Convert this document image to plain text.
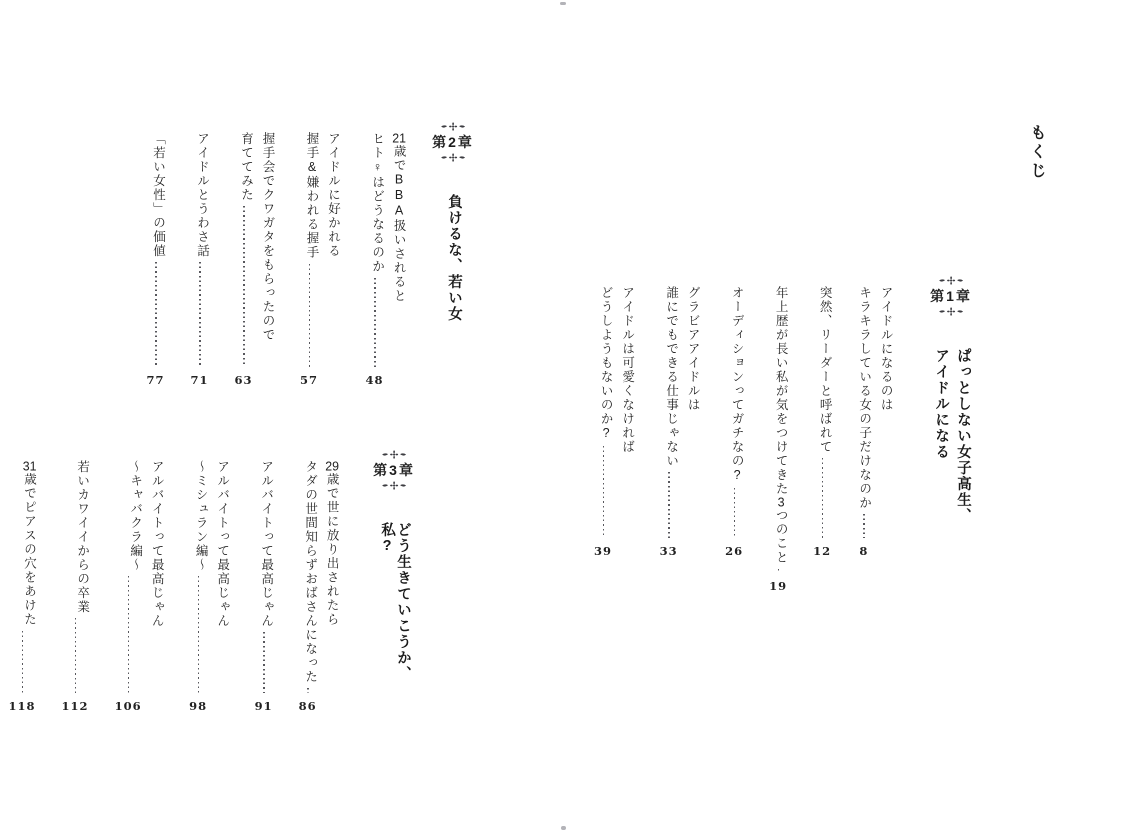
もくじ
第1章
ぱっとしない女子高生、
アイドルになる
アイドルになるのは
キラキラしている女の子だけなのか
8
突然、リーダーと呼ばれて
12
年上歴が長い私が気をつけてきた3つのこと
19
オーディションってガチなの?
26
グラビアアイドルは
誰にでもできる仕事じゃない
33
アイドルは可愛くなければ
どうしようもないのか?
39
第2章
負けるな、若い女
21歳でBBA扱いされると
ヒト♀はどうなるのか
48
アイドルに好かれる
握手&嫌われる握手
57
握手会でクワガタをもらったので
育ててみた
63
アイドルとうわさ話
71
「若い女性」の価値
77
第3章
どう生きていこうか、私?
29歳で世に放り出されたら
タダの世間知らずおばさんになった
86
アルバイトって最高じゃん
91
アルバイトって最高じゃん
〜ミシュラン編〜
98
アルバイトって最高じゃん
〜キャバクラ編〜
106
若いカワイイからの卒業
112
31歳でピアスの穴をあけた
118
